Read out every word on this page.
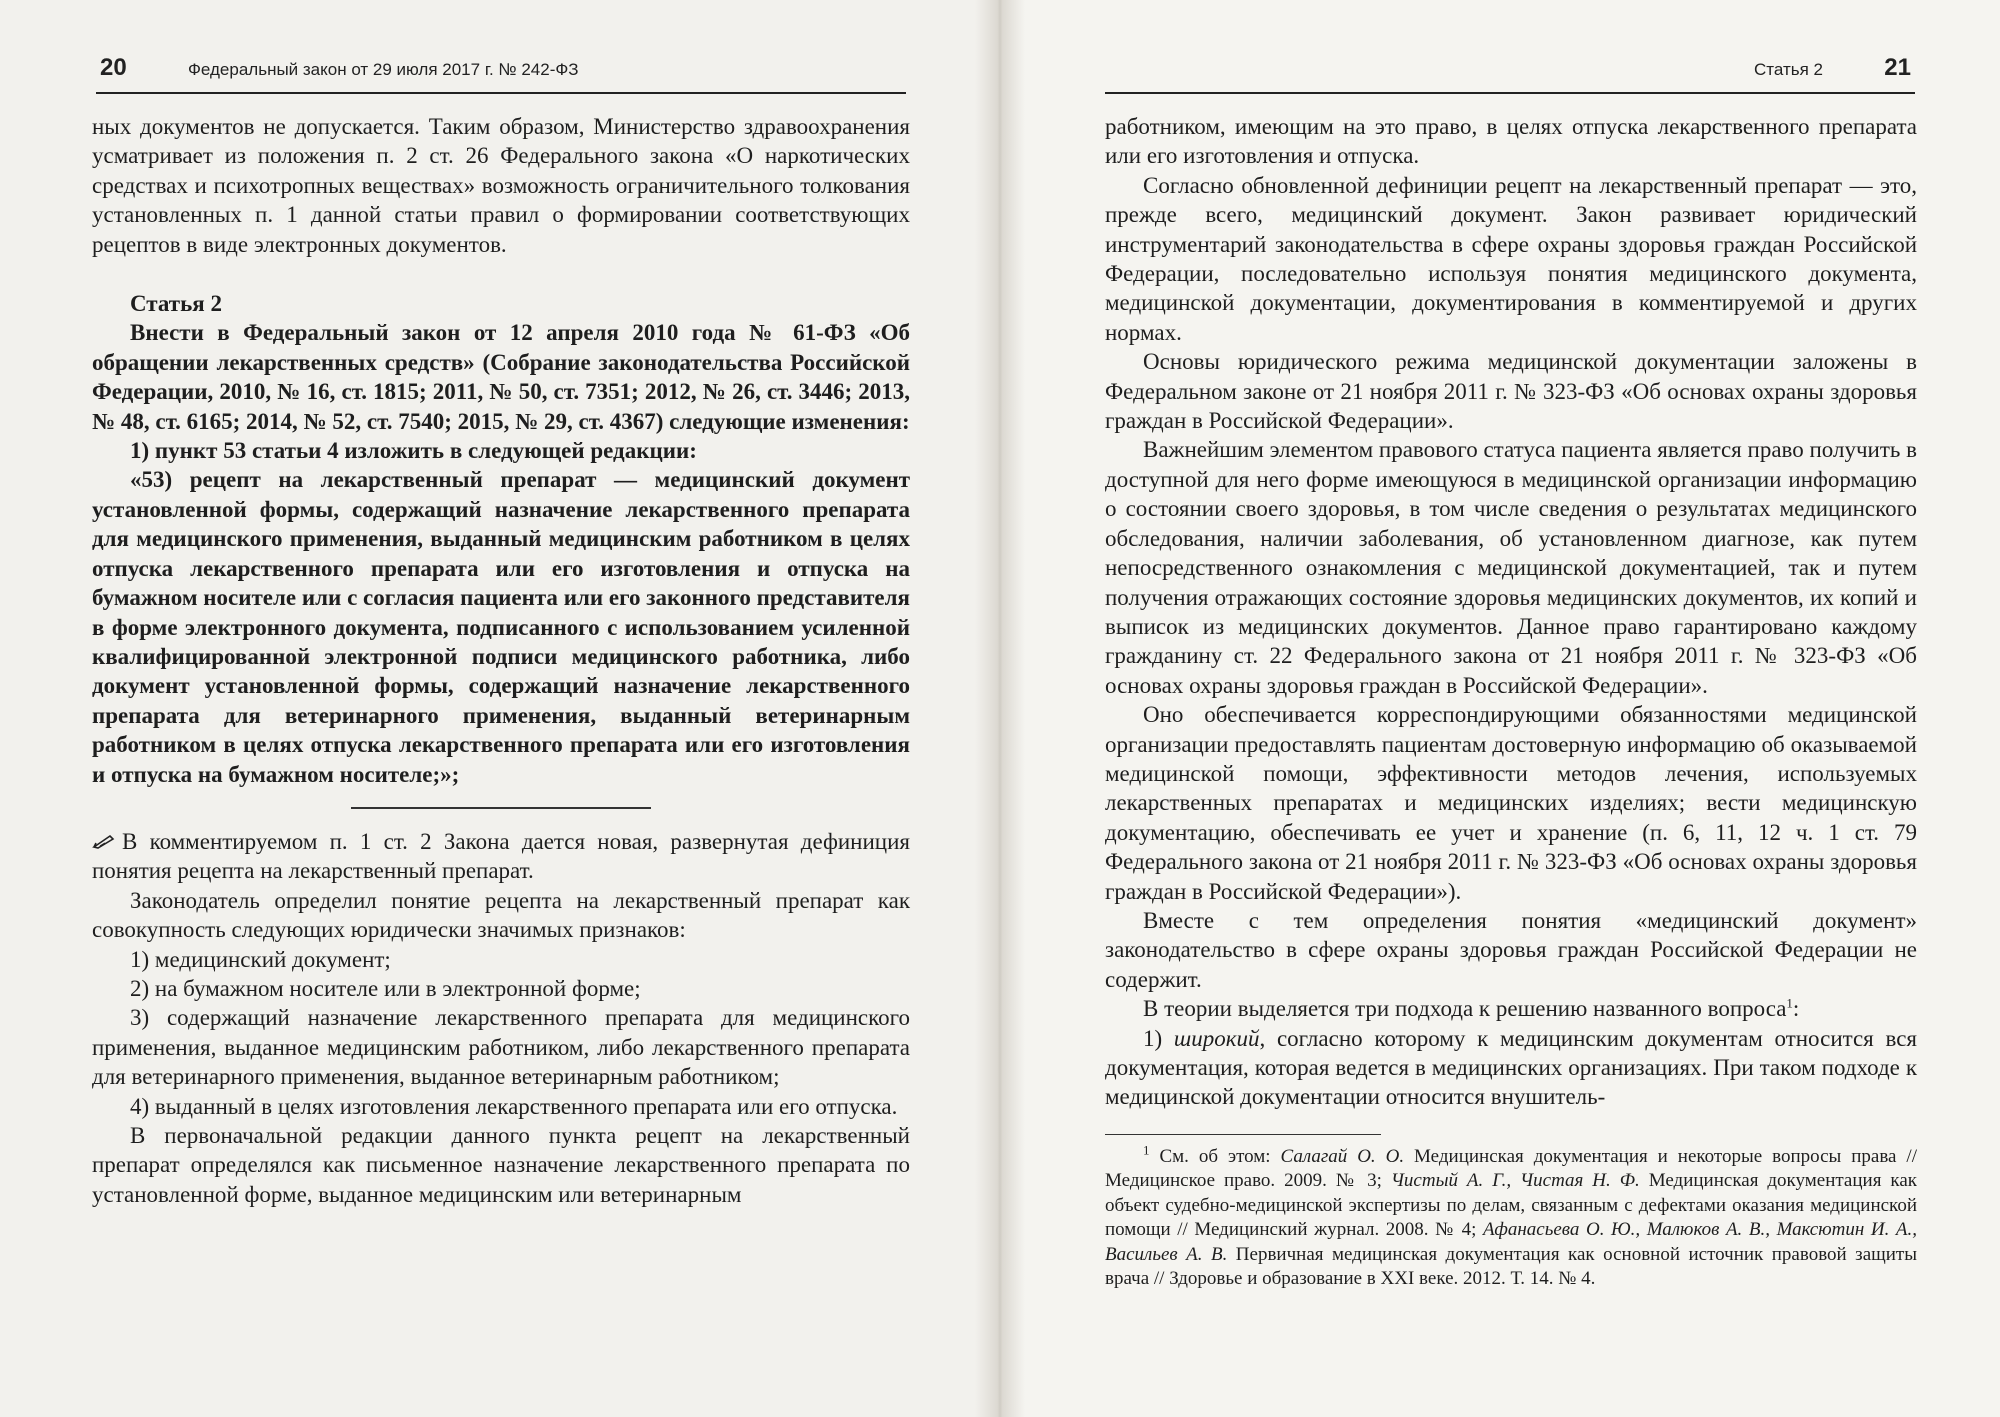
20	Федеральный закон от 29 июля 2017 г. № 242-ФЗ

ных документов не допускается. Таким образом, Министерство здравоохранения усматривает из положения п. 2 ст. 26 Федерального закона «О наркотических средствах и психотропных веществах» возможность ограничительного толкования установленных п. 1 данной статьи правил о формировании соответствующих рецептов в виде электронных документов.

Статья 2

Внести в Федеральный закон от 12 апреля 2010 года № 61-ФЗ «Об обращении лекарственных средств» (Собрание законодательства Российской Федерации, 2010, № 16, ст. 1815; 2011, № 50, ст. 7351; 2012, № 26, ст. 3446; 2013, № 48, ст. 6165; 2014, № 52, ст. 7540; 2015, № 29, ст. 4367) следующие изменения:

1) пункт 53 статьи 4 изложить в следующей редакции:

«53) рецепт на лекарственный препарат — медицинский документ установленной формы, содержащий назначение лекарственного препарата для медицинского применения, выданный медицинским работником в целях отпуска лекарственного препарата или его изготовления и отпуска на бумажном носителе или с согласия пациента или его законного представителя в форме электронного документа, подписанного с использованием усиленной квалифицированной электронной подписи медицинского работника, либо документ установленной формы, содержащий назначение лекарственного препарата для ветеринарного применения, выданный ветеринарным работником в целях отпуска лекарственного препарата или его изготовления и отпуска на бумажном носителе;»;

В комментируемом п. 1 ст. 2 Закона дается новая, развернутая дефиниция понятия рецепта на лекарственный препарат.

Законодатель определил понятие рецепта на лекарственный препарат как совокупность следующих юридически значимых признаков:

1) медицинский документ;

2) на бумажном носителе или в электронной форме;

3) содержащий назначение лекарственного препарата для медицинского применения, выданное медицинским работником, либо лекарственного препарата для ветеринарного применения, выданное ветеринарным работником;

4) выданный в целях изготовления лекарственного препарата или его отпуска.

В первоначальной редакции данного пункта рецепт на лекарственный препарат определялся как письменное назначение лекарственного препарата по установленной форме, выданное медицинским или ветеринарным

Статья 2	21

работником, имеющим на это право, в целях отпуска лекарственного препарата или его изготовления и отпуска.

Согласно обновленной дефиниции рецепт на лекарственный препарат — это, прежде всего, медицинский документ. Закон развивает юридический инструментарий законодательства в сфере охраны здоровья граждан Российской Федерации, последовательно используя понятия медицинского документа, медицинской документации, документирования в комментируемой и других нормах.

Основы юридического режима медицинской документации заложены в Федеральном законе от 21 ноября 2011 г. № 323-ФЗ «Об основах охраны здоровья граждан в Российской Федерации».

Важнейшим элементом правового статуса пациента является право получить в доступной для него форме имеющуюся в медицинской организации информацию о состоянии своего здоровья, в том числе сведения о результатах медицинского обследования, наличии заболевания, об установленном диагнозе, как путем непосредственного ознакомления с медицинской документацией, так и путем получения отражающих состояние здоровья медицинских документов, их копий и выписок из медицинских документов. Данное право гарантировано каждому гражданину ст. 22 Федерального закона от 21 ноября 2011 г. № 323-ФЗ «Об основах охраны здоровья граждан в Российской Федерации».

Оно обеспечивается корреспондирующими обязанностями медицинской организации предоставлять пациентам достоверную информацию об оказываемой медицинской помощи, эффективности методов лечения, используемых лекарственных препаратах и медицинских изделиях; вести медицинскую документацию, обеспечивать ее учет и хранение (п. 6, 11, 12 ч. 1 ст. 79 Федерального закона от 21 ноября 2011 г. № 323-ФЗ «Об основах охраны здоровья граждан в Российской Федерации»).

Вместе с тем определения понятия «медицинский документ» законодательство в сфере охраны здоровья граждан Российской Федерации не содержит.

В теории выделяется три подхода к решению названного вопроса$^1$:

1) широкий, согласно которому к медицинским документам относится вся документация, которая ведется в медицинских организациях. При таком подходе к медицинской документации относится внушитель-

$^1$ См. об этом: Салагай О. О. Медицинская документация и некоторые вопросы права // Медицинское право. 2009. № 3; Чистый А. Г., Чистая Н. Ф. Медицинская документация как объект судебно-медицинской экспертизы по делам, связанным с дефектами оказания медицинской помощи // Медицинский журнал. 2008. № 4; Афанасьева О. Ю., Малюков А. В., Максютин И. А., Васильев А. В. Первичная медицинская документация как основной источник правовой защиты врача // Здоровье и образование в XXI веке. 2012. Т. 14. № 4.
